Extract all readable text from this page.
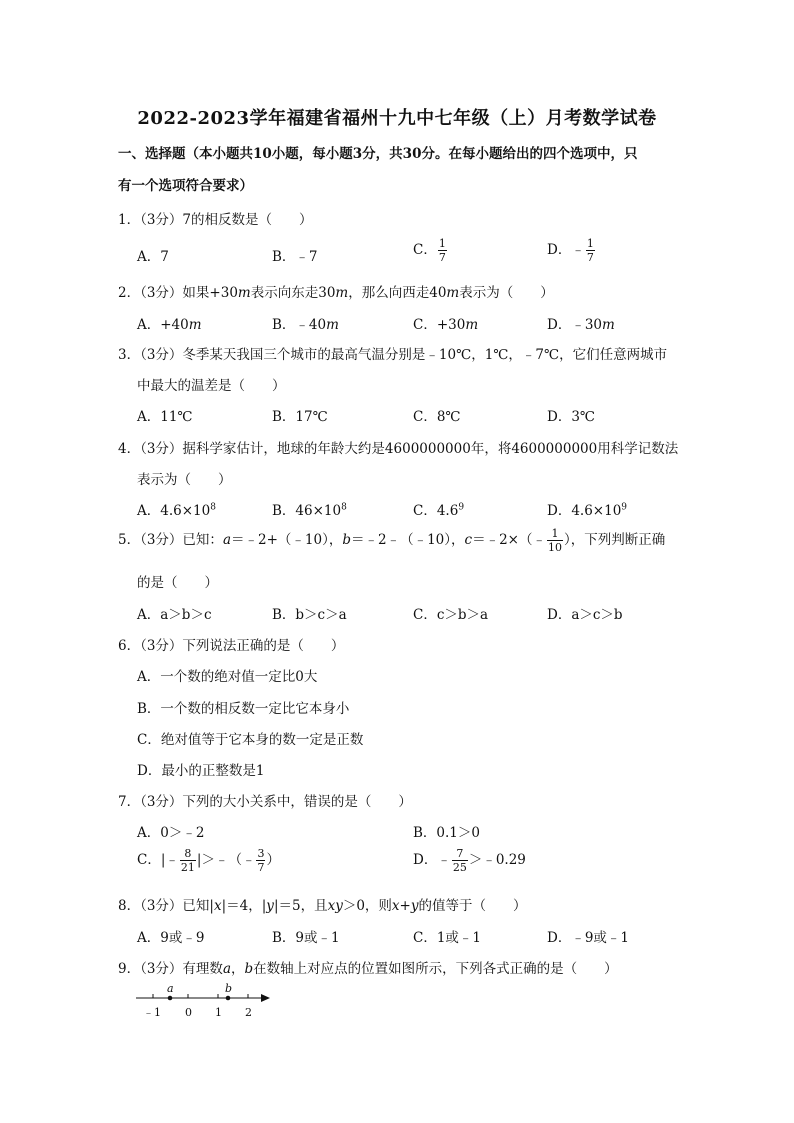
2022-2023学年福建省福州十九中七年级（上）月考数学试卷
一、选择题（本小题共10小题，每小题3分，共30分。在每小题给出的四个选项中，只
有一个选项符合要求）
1．（3分）7的相反数是（　　）
A．7	B．﹣7	C． $\frac{1}{7}$	D．﹣ $\frac{1}{7}$
2．（3分）如果+30m表示向东走30m，那么向西走40m表示为（　　）
A．+40m	B．﹣40m	C．+30m	D．﹣30m
3．（3分）冬季某天我国三个城市的最高气温分别是﹣10℃，1℃，﹣7℃，它们任意两城市
中最大的温差是（　　）
A．11℃	B．17℃	C．8℃	D．3℃
4．（3分）据科学家估计，地球的年龄大约是4600000000年，将4600000000用科学记数法
表示为（　　）
A．$4.6\times 10^8$	B．$46\times 10^8$	C．$4.6^9$	D．$4.6\times 10^9$
5．（3分）已知：a＝﹣2+（﹣10），b＝﹣2﹣（﹣10），c＝﹣2×（﹣ $\frac{1}{10}$ ），下列判断正确
的是（　　）
A．a＞b＞c	B．b＞c＞a	C．c＞b＞a	D．a＞c＞b
6．（3分）下列说法正确的是（　　）
A．一个数的绝对值一定比0大
B．一个数的相反数一定比它本身小
C．绝对值等于它本身的数一定是正数
D．最小的正整数是1
7．（3分）下列的大小关系中，错误的是（　　）
A．0＞﹣2	B．0.1＞0
C．|﹣ $\frac{8}{21}$ |＞﹣（﹣ $\frac{3}{7}$ ）	D．﹣ $\frac{7}{25}$ ＞﹣0.29
8．（3分）已知|x|＝4，|y|＝5，且xy＞0，则x+y的值等于（　　）
A．9或﹣9	B．9或﹣1	C．1或﹣1	D．﹣9或﹣1
9．（3分）有理数a，b在数轴上对应点的位置如图所示，下列各式正确的是（　　）
a	b
﹣1 0 1 2
